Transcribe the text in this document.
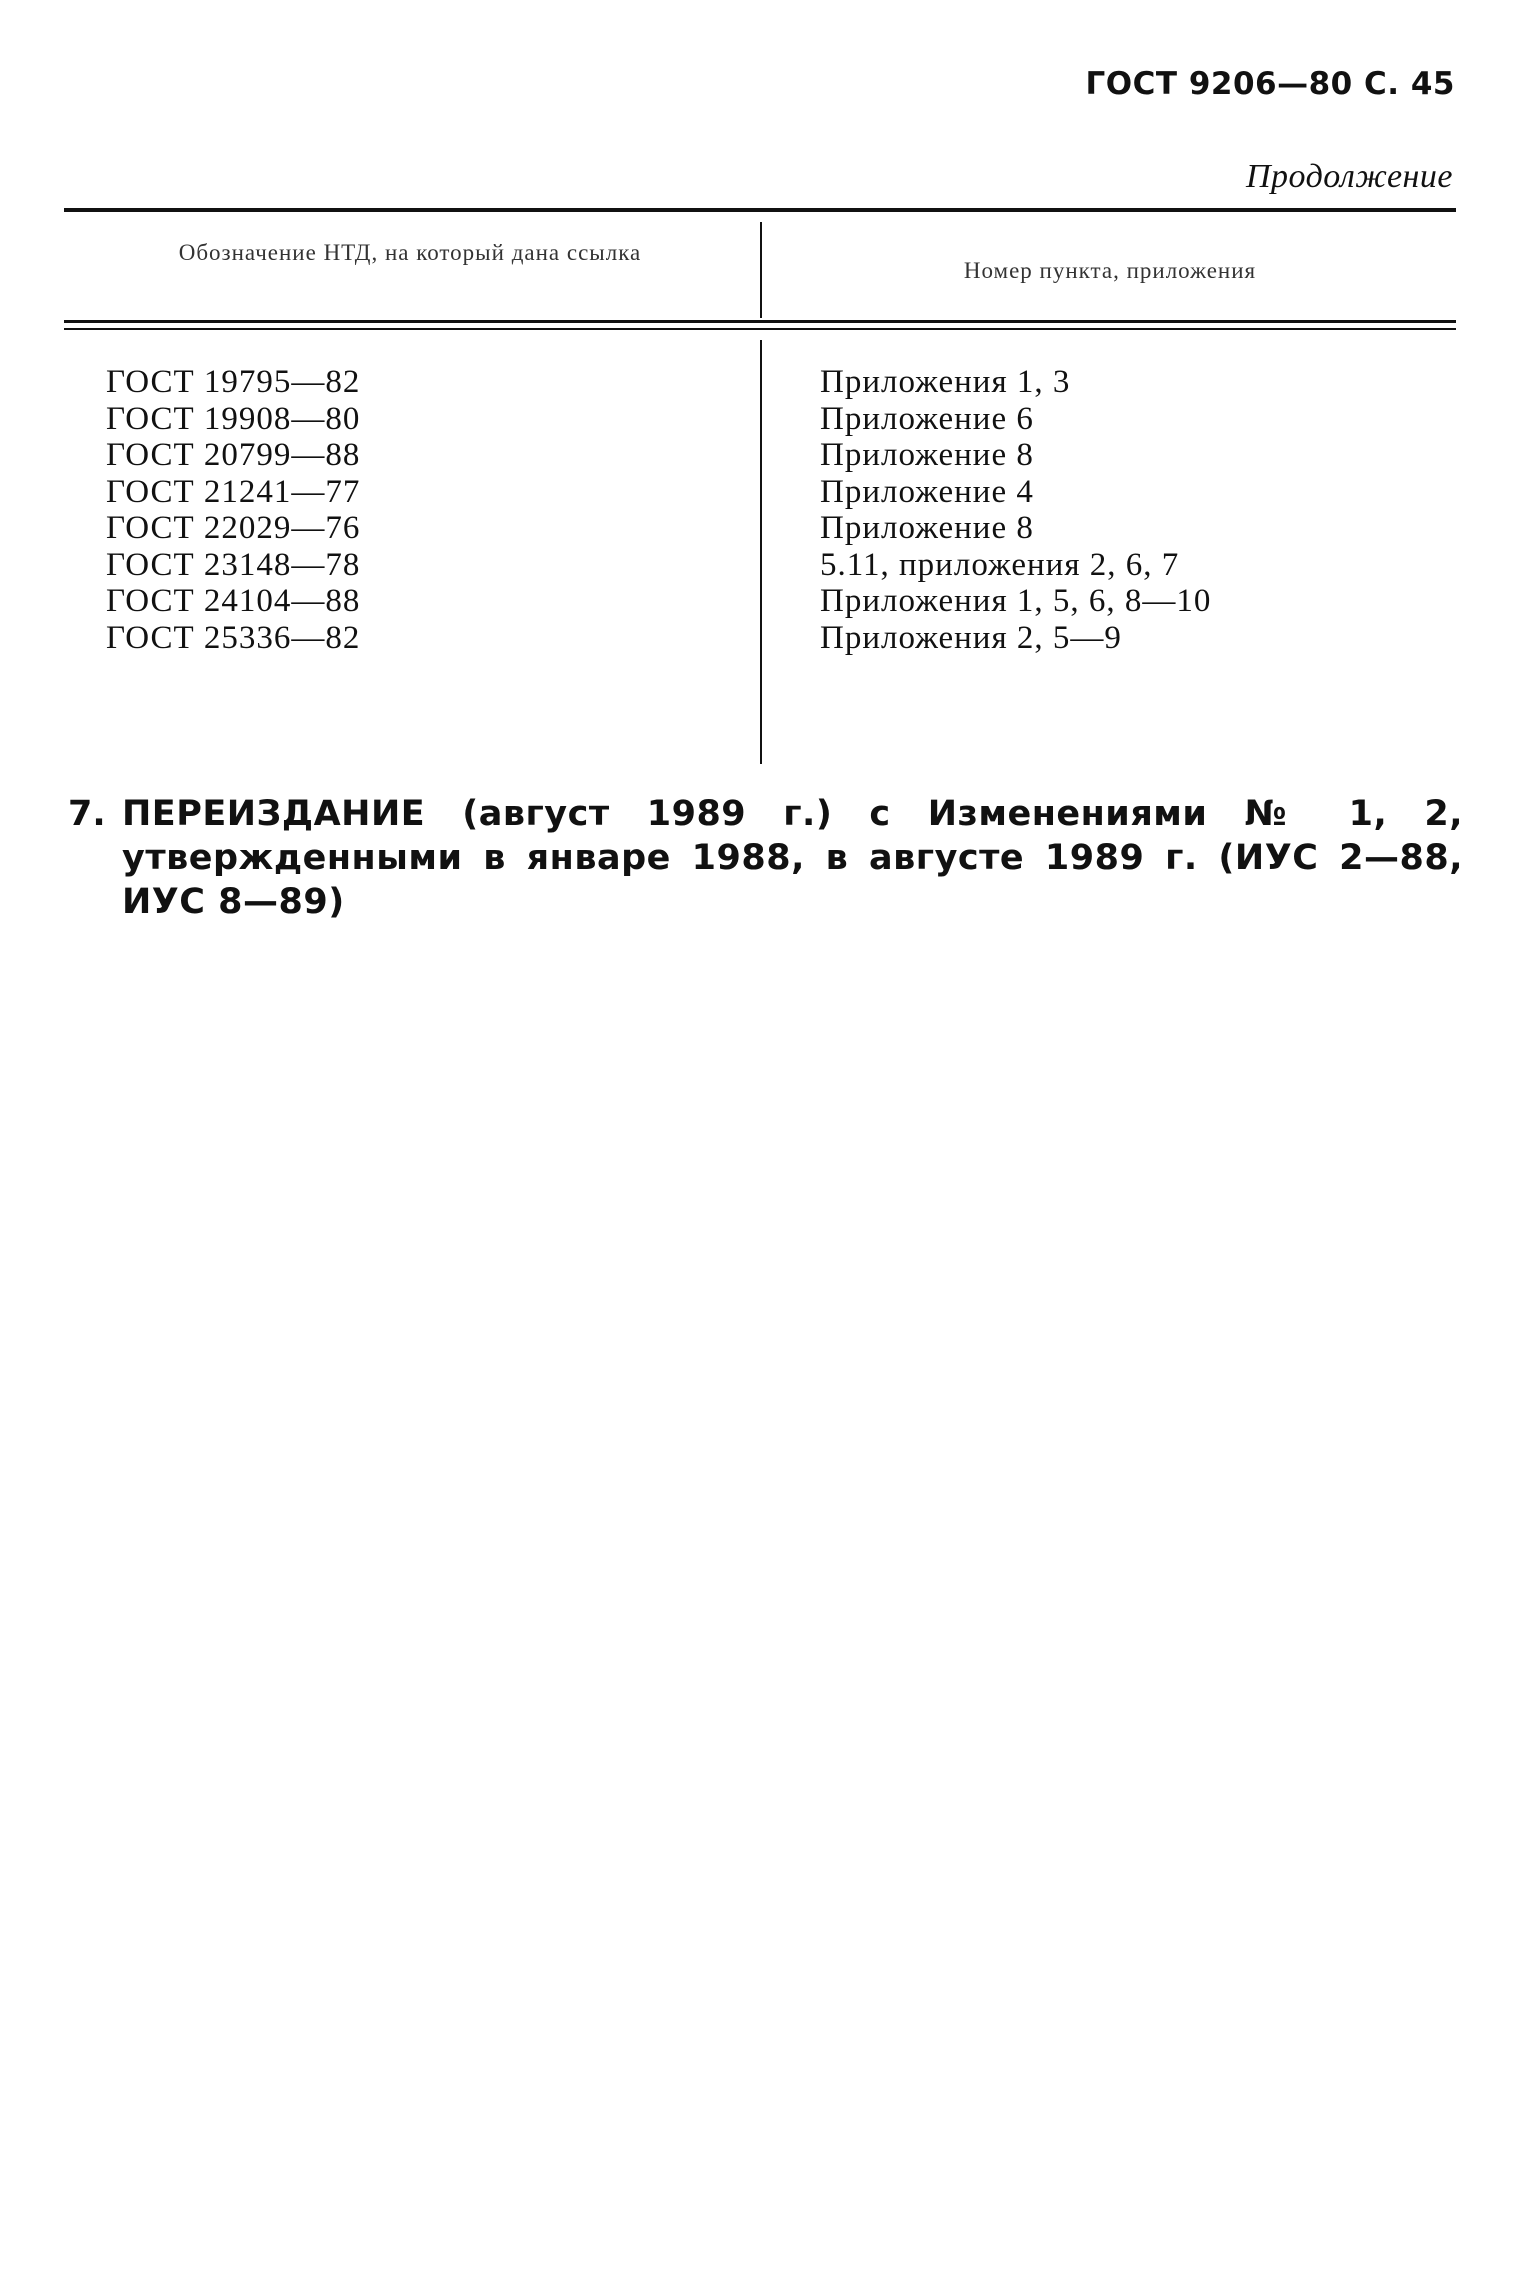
ГОСТ 9206—80 С. 45
Продолжение
Обозначение НТД, на который дана ссылка
Номер пункта, приложения
ГОСТ 19795—82
ГОСТ 19908—80
ГОСТ 20799—88
ГОСТ 21241—77
ГОСТ 22029—76
ГОСТ 23148—78
ГОСТ 24104—88
ГОСТ 25336—82
Приложения 1, 3
Приложение 6
Приложение 8
Приложение 4
Приложение 8
5.11, приложения 2, 6, 7
Приложения 1, 5, 6, 8—10
Приложения 2, 5—9
7. ПЕРЕИЗДАНИЕ (август 1989 г.) с Изменениями № 1, 2, утвержденными в январе 1988, в августе 1989 г. (ИУС 2—88, ИУС 8—89)
